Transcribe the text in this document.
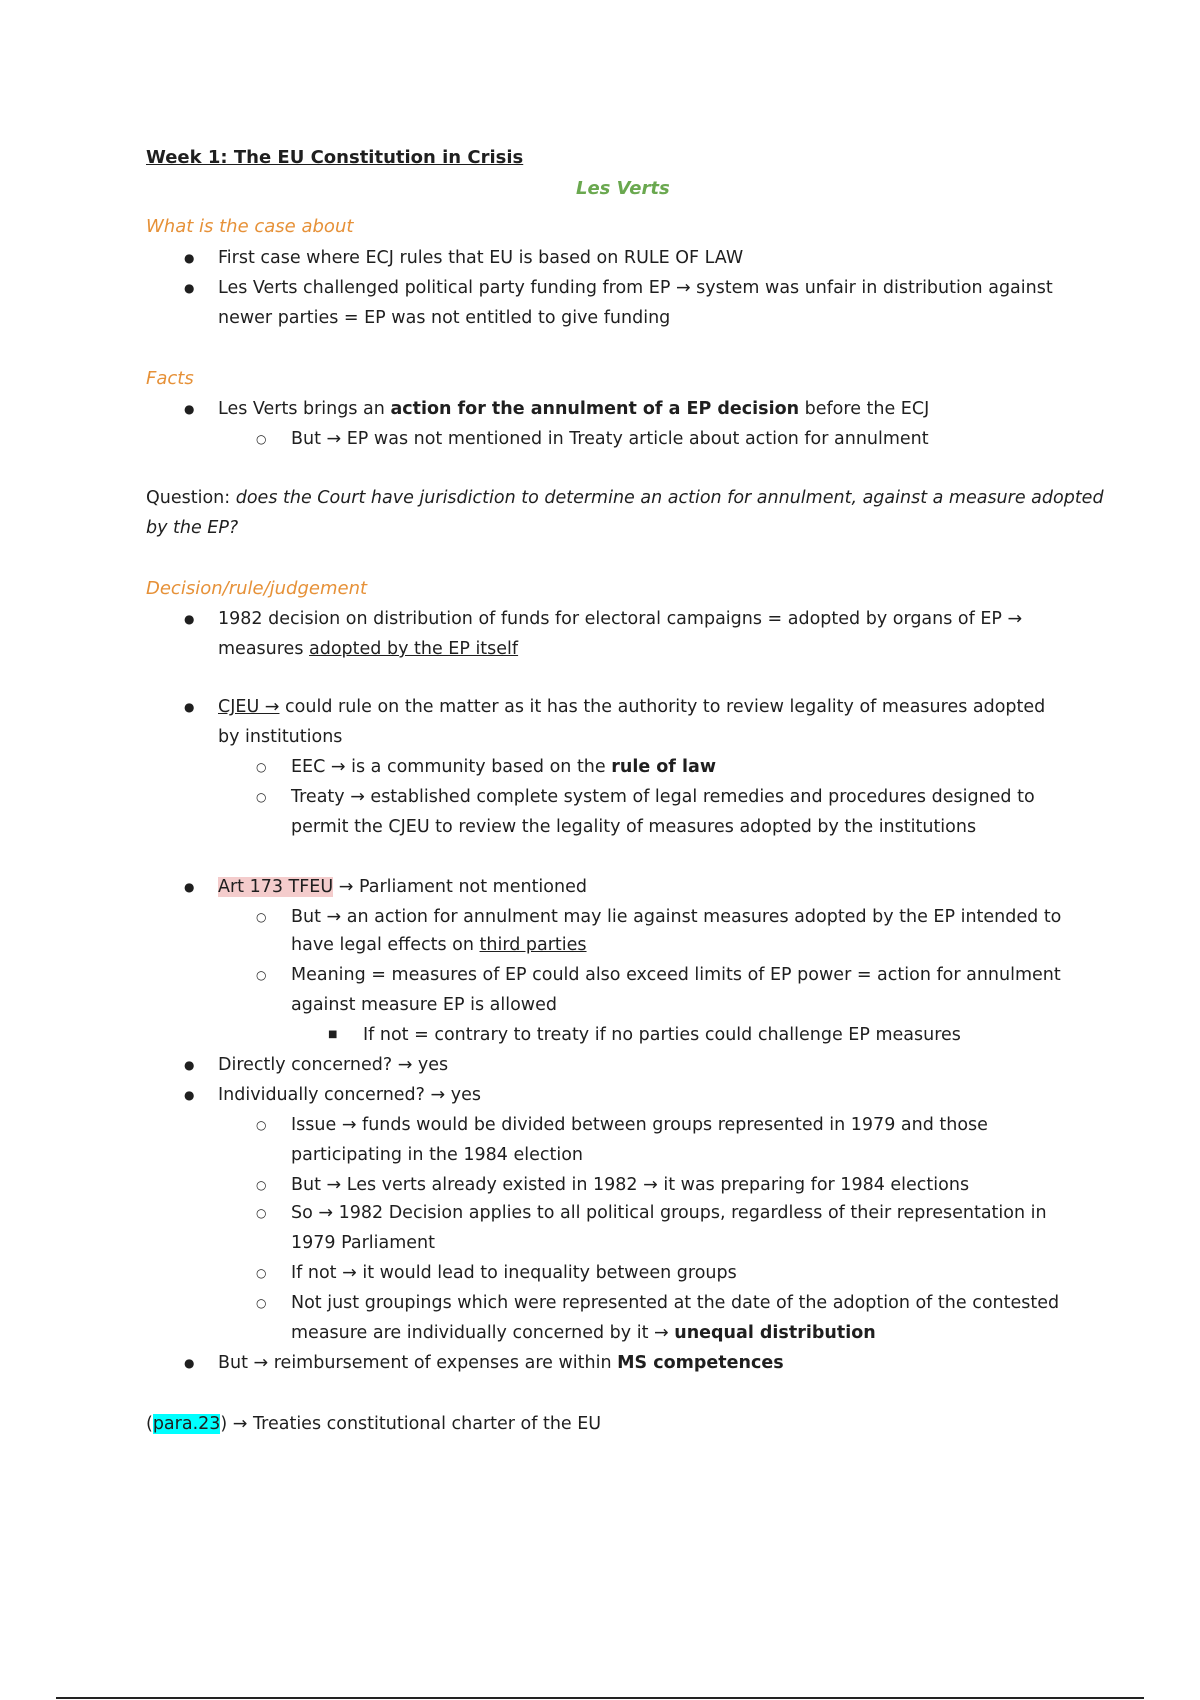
Week 1: The EU Constitution in Crisis
Les Verts
What is the case about
● First case where ECJ rules that EU is based on RULE OF LAW
● Les Verts challenged political party funding from EP → system was unfair in distribution against
newer parties = EP was not entitled to give funding
Facts
● Les Verts brings an action for the annulment of a EP decision before the ECJ
○ But → EP was not mentioned in Treaty article about action for annulment
Question: does the Court have jurisdiction to determine an action for annulment, against a measure adopted
by the EP?
Decision/rule/judgement
● 1982 decision on distribution of funds for electoral campaigns = adopted by organs of EP →
measures adopted by the EP itself
● CJEU → could rule on the matter as it has the authority to review legality of measures adopted
by institutions
○ EEC → is a community based on the rule of law
○ Treaty → established complete system of legal remedies and procedures designed to
permit the CJEU to review the legality of measures adopted by the institutions
● Art 173 TFEU → Parliament not mentioned
○ But → an action for annulment may lie against measures adopted by the EP intended to
have legal effects on third parties
○ Meaning = measures of EP could also exceed limits of EP power = action for annulment
against measure EP is allowed
■ If not = contrary to treaty if no parties could challenge EP measures
● Directly concerned? → yes
● Individually concerned? → yes
○ Issue → funds would be divided between groups represented in 1979 and those
participating in the 1984 election
○ But → Les verts already existed in 1982 → it was preparing for 1984 elections
○ So → 1982 Decision applies to all political groups, regardless of their representation in
1979 Parliament
○ If not → it would lead to inequality between groups
○ Not just groupings which were represented at the date of the adoption of the contested
measure are individually concerned by it → unequal distribution
● But → reimbursement of expenses are within MS competences
(para.23) → Treaties constitutional charter of the EU
